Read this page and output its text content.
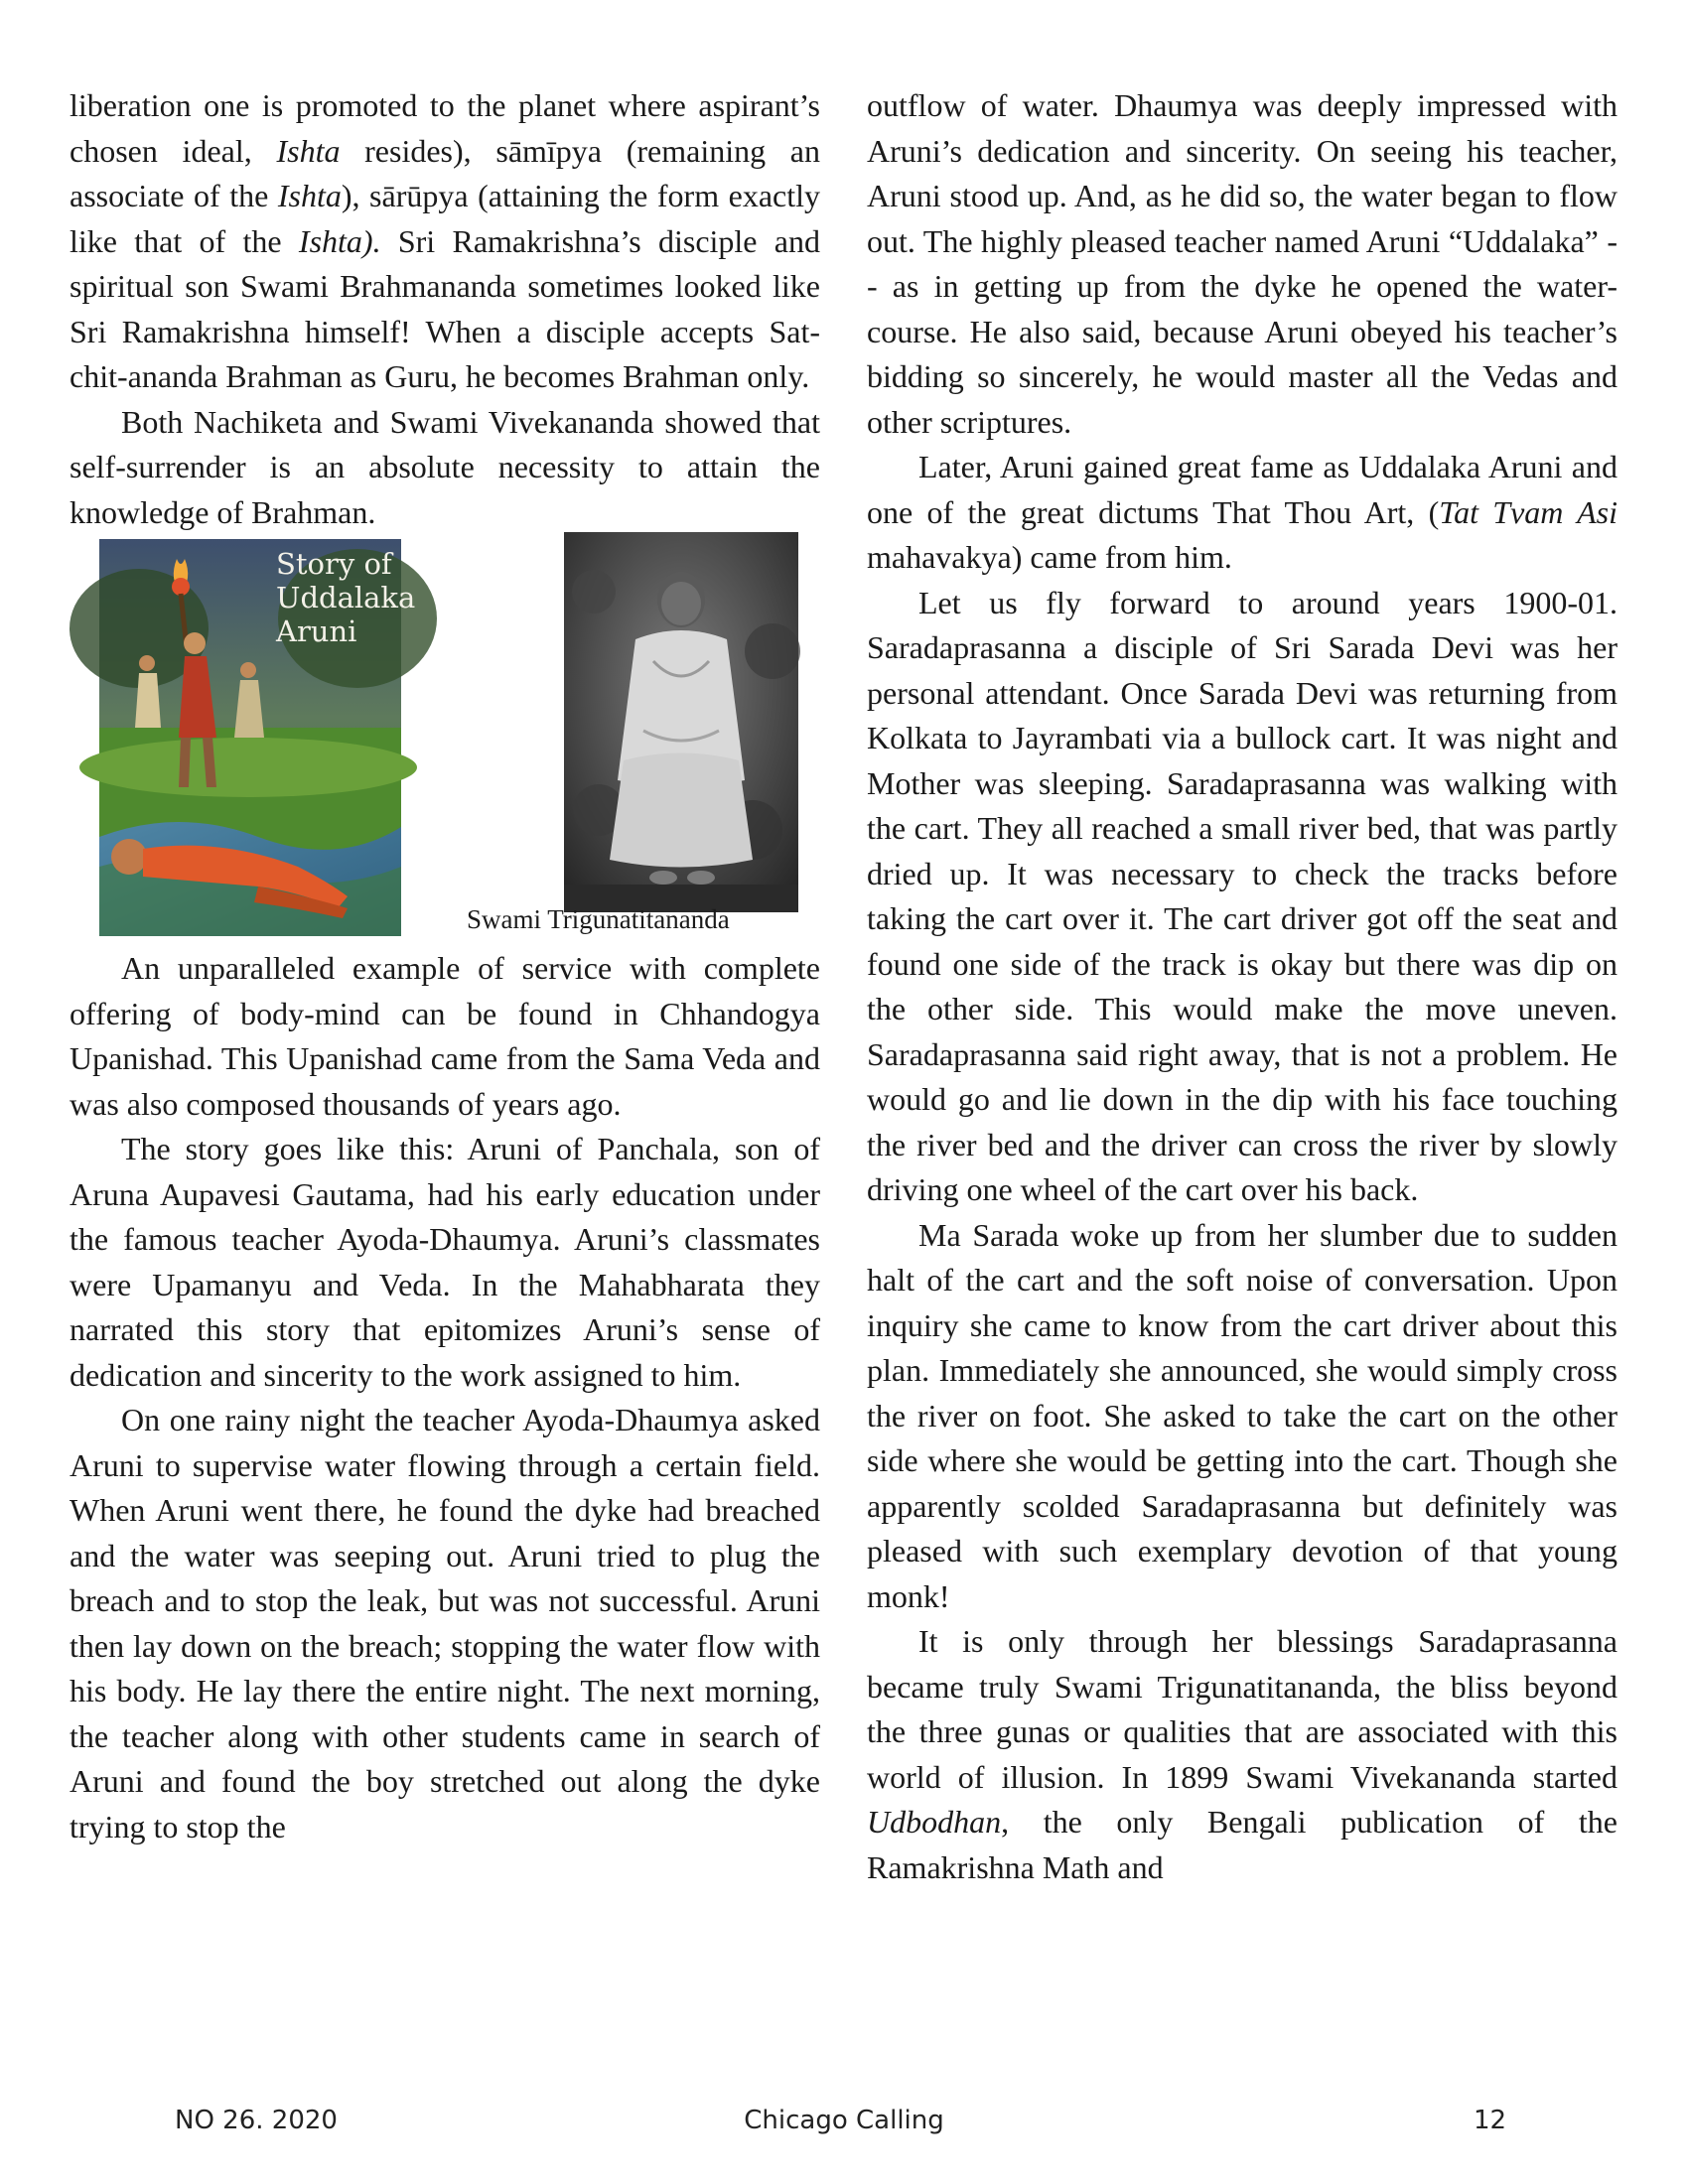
liberation one is promoted to the planet where aspirant’s chosen ideal, Ishta resides), sāmīpya (remaining an associate of the Ishta), sārūpya (attaining the form exactly like that of the Ishta). Sri Ramakrishna’s disciple and spiritual son Swami Brahmananda sometimes looked like Sri Ramakrishna himself! When a disciple accepts Sat-chit-ananda Brahman as Guru, he becomes Brahman only.

Both Nachiketa and Swami Vivekananda showed that self-surrender is an absolute necessity to attain the knowledge of Brahman.

Story of
Uddalaka
Aruni
Swami Trigunatitananda

An unparalleled example of service with complete offering of body-mind can be found in Chhandogya Upanishad. This Upanishad came from the Sama Veda and was also composed thousands of years ago.

The story goes like this: Aruni of Panchala, son of Aruna Aupavesi Gautama, had his early education under the famous teacher Ayoda-Dhaumya. Aruni’s classmates were Upamanyu and Veda. In the Mahabharata they narrated this story that epitomizes Aruni’s sense of dedication and sincerity to the work assigned to him.

On one rainy night the teacher Ayoda-Dhaumya asked Aruni to supervise water flowing through a certain field. When Aruni went there, he found the dyke had breached and the water was seeping out. Aruni tried to plug the breach and to stop the leak, but was not successful. Aruni then lay down on the breach; stopping the water flow with his body. He lay there the entire night. The next morning, the teacher along with other students came in search of Aruni and found the boy stretched out along the dyke trying to stop the

outflow of water. Dhaumya was deeply impressed with Aruni’s dedication and sincerity. On seeing his teacher, Aruni stood up. And, as he did so, the water began to flow out. The highly pleased teacher named Aruni “Uddalaka” -- as in getting up from the dyke he opened the water-course. He also said, because Aruni obeyed his teacher’s bidding so sincerely, he would master all the Vedas and other scriptures.

Later, Aruni gained great fame as Uddalaka Aruni and one of the great dictums That Thou Art, (Tat Tvam Asi mahavakya) came from him.

Let us fly forward to around years 1900-01. Saradaprasanna a disciple of Sri Sarada Devi was her personal attendant. Once Sarada Devi was returning from Kolkata to Jayrambati via a bullock cart. It was night and Mother was sleeping. Saradaprasanna was walking with the cart. They all reached a small river bed, that was partly dried up. It was necessary to check the tracks before taking the cart over it. The cart driver got off the seat and found one side of the track is okay but there was dip on the other side. This would make the move uneven. Saradaprasanna said right away, that is not a problem. He would go and lie down in the dip with his face touching the river bed and the driver can cross the river by slowly driving one wheel of the cart over his back.

Ma Sarada woke up from her slumber due to sudden halt of the cart and the soft noise of conversation. Upon inquiry she came to know from the cart driver about this plan. Immediately she announced, she would simply cross the river on foot. She asked to take the cart on the other side where she would be getting into the cart. Though she apparently scolded Saradaprasanna but definitely was pleased with such exemplary devotion of that young monk!

It is only through her blessings Saradaprasanna became truly Swami Trigunatitananda, the bliss beyond the three gunas or qualities that are associated with this world of illusion. In 1899 Swami Vivekananda started Udbodhan, the only Bengali publication of the Ramakrishna Math and

NO 26. 2020	Chicago Calling	12
